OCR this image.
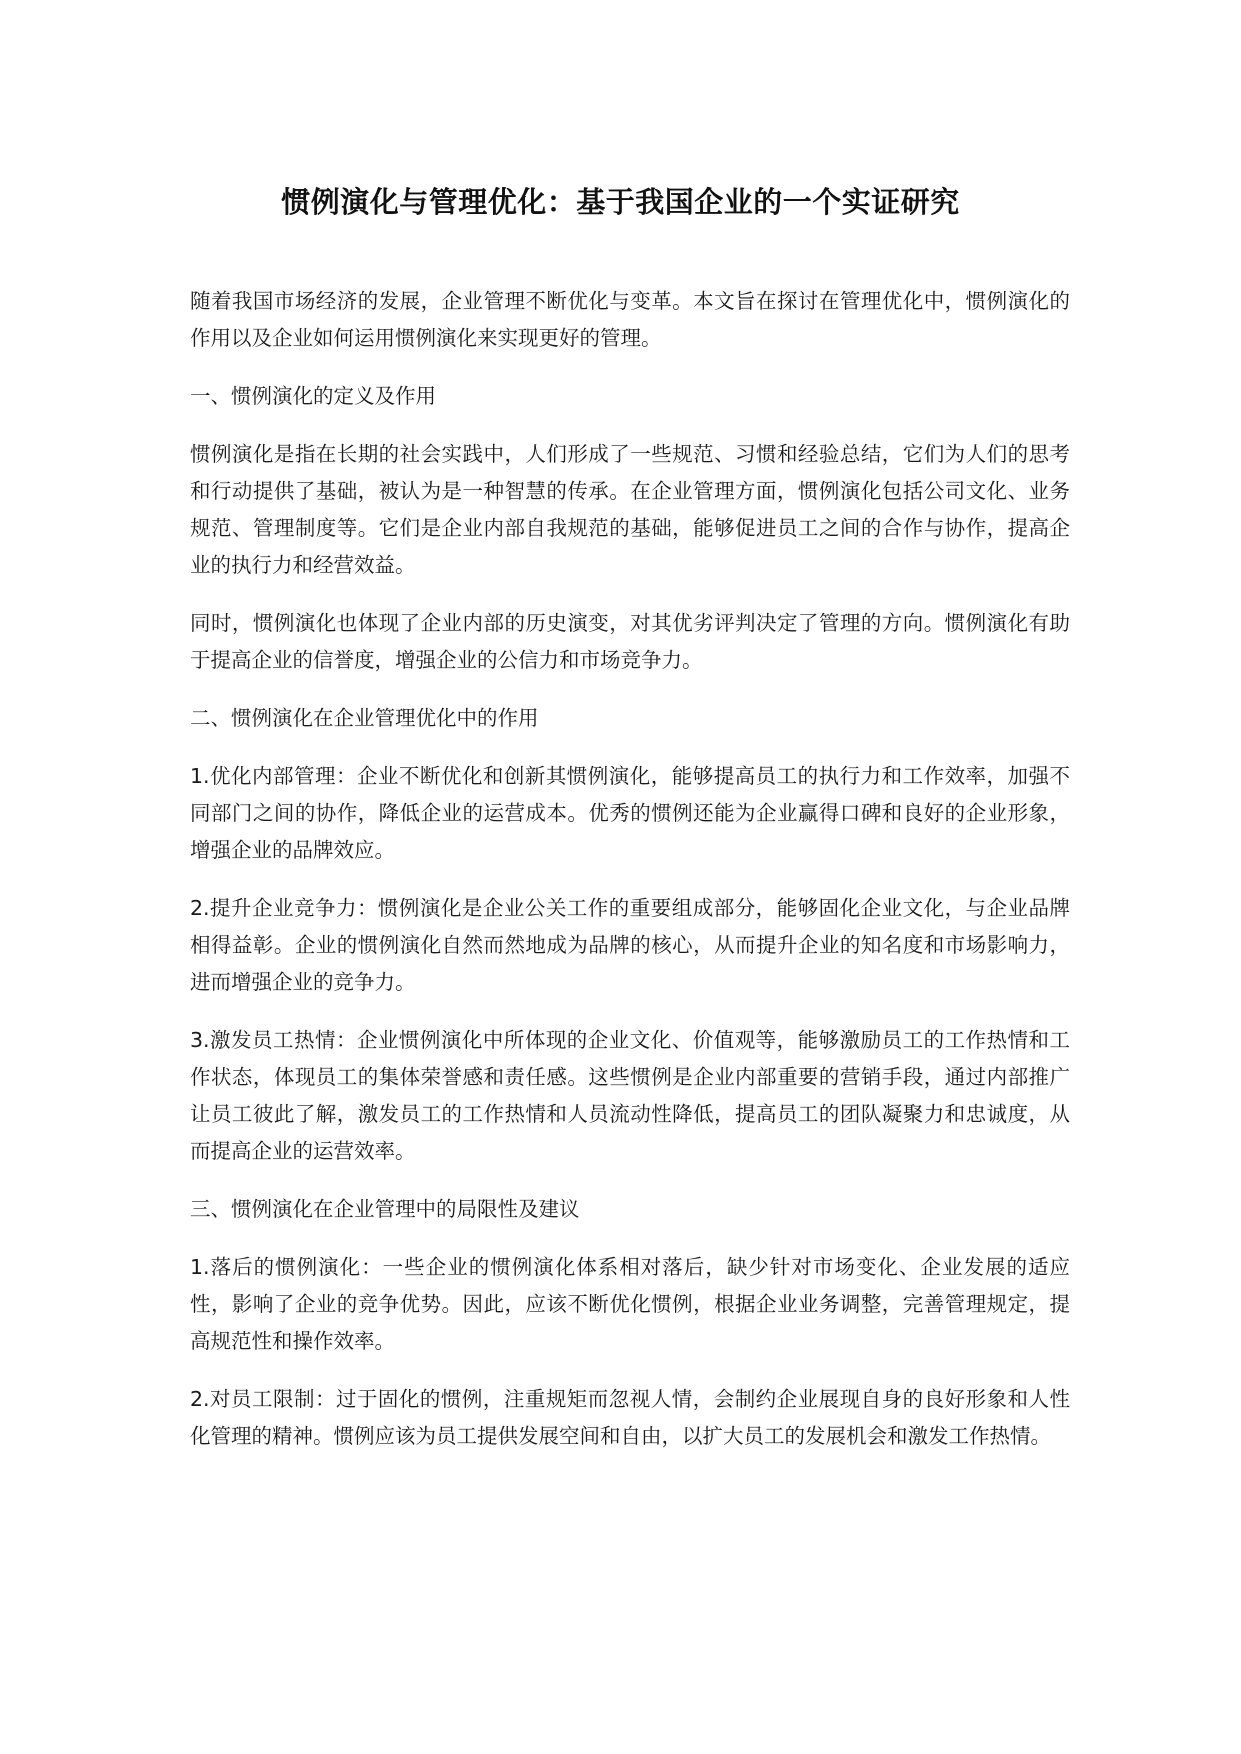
惯例演化与管理优化：基于我国企业的一个实证研究

随着我国市场经济的发展，企业管理不断优化与变革。本文旨在探讨在管理优化中，惯例演化的作用以及企业如何运用惯例演化来实现更好的管理。

一、惯例演化的定义及作用

惯例演化是指在长期的社会实践中，人们形成了一些规范、习惯和经验总结，它们为人们的思考和行动提供了基础，被认为是一种智慧的传承。在企业管理方面，惯例演化包括公司文化、业务规范、管理制度等。它们是企业内部自我规范的基础，能够促进员工之间的合作与协作，提高企业的执行力和经营效益。

同时，惯例演化也体现了企业内部的历史演变，对其优劣评判决定了管理的方向。惯例演化有助于提高企业的信誉度，增强企业的公信力和市场竞争力。

二、惯例演化在企业管理优化中的作用

1.优化内部管理：企业不断优化和创新其惯例演化，能够提高员工的执行力和工作效率，加强不同部门之间的协作，降低企业的运营成本。优秀的惯例还能为企业赢得口碑和良好的企业形象，增强企业的品牌效应。

2.提升企业竞争力：惯例演化是企业公关工作的重要组成部分，能够固化企业文化，与企业品牌相得益彰。企业的惯例演化自然而然地成为品牌的核心，从而提升企业的知名度和市场影响力，进而增强企业的竞争力。

3.激发员工热情：企业惯例演化中所体现的企业文化、价值观等，能够激励员工的工作热情和工作状态，体现员工的集体荣誉感和责任感。这些惯例是企业内部重要的营销手段，通过内部推广让员工彼此了解，激发员工的工作热情和人员流动性降低，提高员工的团队凝聚力和忠诚度，从而提高企业的运营效率。

三、惯例演化在企业管理中的局限性及建议

1.落后的惯例演化：一些企业的惯例演化体系相对落后，缺少针对市场变化、企业发展的适应性，影响了企业的竞争优势。因此，应该不断优化惯例，根据企业业务调整，完善管理规定，提高规范性和操作效率。

2.对员工限制：过于固化的惯例，注重规矩而忽视人情，会制约企业展现自身的良好形象和人性化管理的精神。惯例应该为员工提供发展空间和自由，以扩大员工的发展机会和激发工作热情。
